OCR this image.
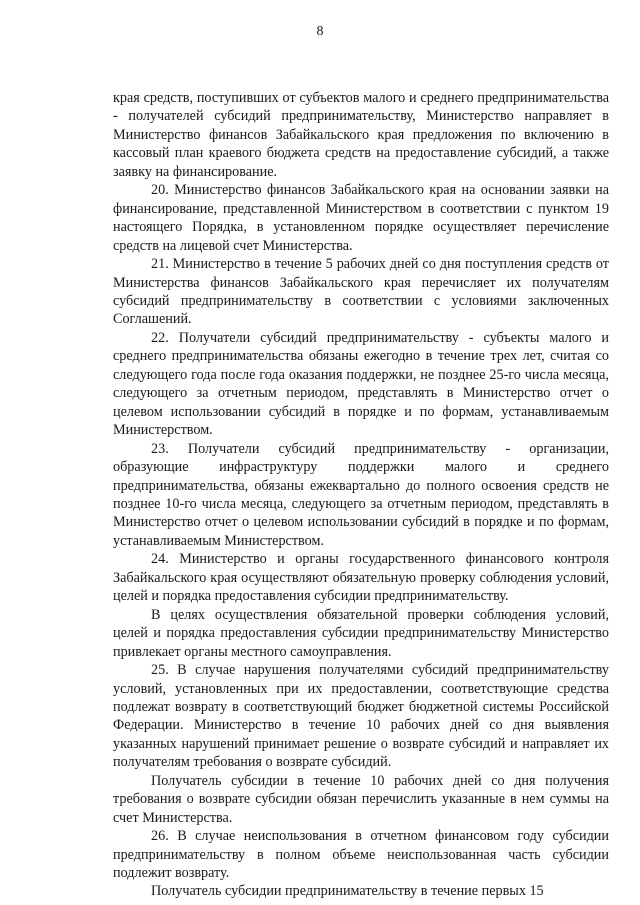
8

края средств, поступивших от субъектов малого и среднего предпринимательства - получателей субсидий предпринимательству, Министерство направляет в Министерство финансов Забайкальского края предложения по включению в кассовый план краевого бюджета средств на предоставление субсидий, а также заявку на финансирование.

20. Министерство финансов Забайкальского края на основании заявки на финансирование, представленной Министерством в соответствии с пунктом 19 настоящего Порядка, в установленном порядке осуществляет перечисление средств на лицевой счет Министерства.

21. Министерство в течение 5 рабочих дней со дня поступления средств от Министерства финансов Забайкальского края перечисляет их получателям субсидий предпринимательству в соответствии с условиями заключенных Соглашений.

22. Получатели субсидий предпринимательству - субъекты малого и среднего предпринимательства обязаны ежегодно в течение трех лет, считая со следующего года после года оказания поддержки, не позднее 25-го числа месяца, следующего за отчетным периодом, представлять в Министерство отчет о целевом использовании субсидий в порядке и по формам, устанавливаемым Министерством.

23. Получатели субсидий предпринимательству - организации, образующие инфраструктуру поддержки малого и среднего предпринимательства, обязаны ежеквартально до полного освоения средств не позднее 10-го числа месяца, следующего за отчетным периодом, представлять в Министерство отчет о целевом использовании субсидий в порядке и по формам, устанавливаемым Министерством.

24. Министерство и органы государственного финансового контроля Забайкальского края осуществляют обязательную проверку соблюдения условий, целей и порядка предоставления субсидии предпринимательству.

В целях осуществления обязательной проверки соблюдения условий, целей и порядка предоставления субсидии предпринимательству Министерство привлекает органы местного самоуправления.

25. В случае нарушения получателями субсидий предпринимательству условий, установленных при их предоставлении, соответствующие средства подлежат возврату в соответствующий бюджет бюджетной системы Российской Федерации. Министерство в течение 10 рабочих дней со дня выявления указанных нарушений принимает решение о возврате субсидий и направляет их получателям требования о возврате субсидий.

Получатель субсидии в течение 10 рабочих дней со дня получения требования о возврате субсидии обязан перечислить указанные в нем суммы на счет Министерства.

26. В случае неиспользования в отчетном финансовом году субсидии предпринимательству в полном объеме неиспользованная часть субсидии подлежит возврату.

Получатель субсидии предпринимательству в течение первых 15
